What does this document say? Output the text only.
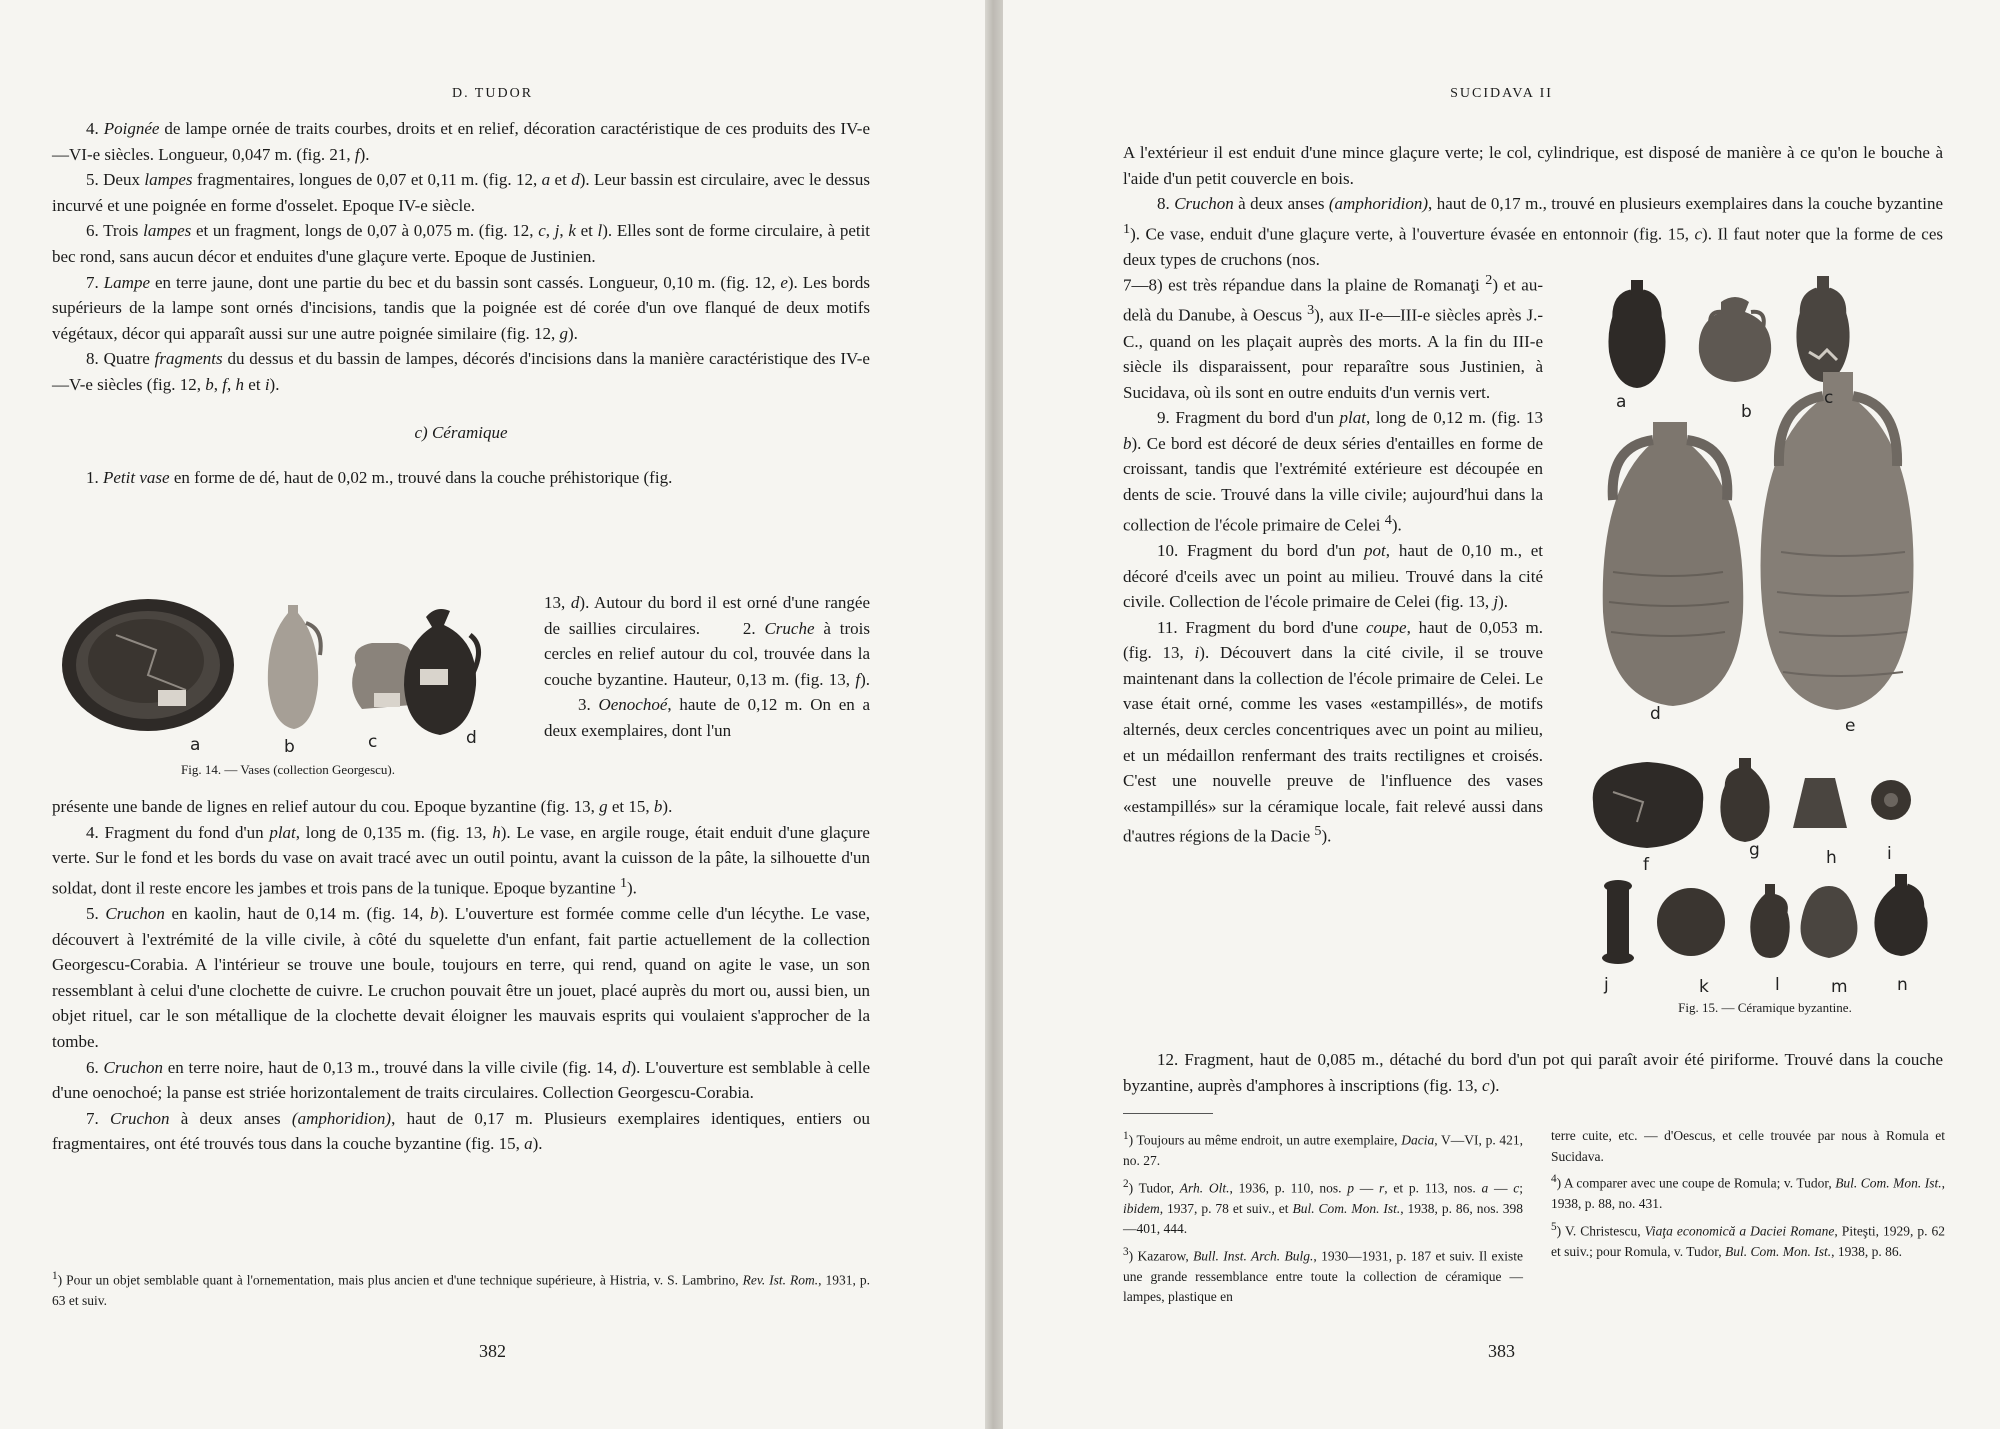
D. TUDOR

4. Poignée de lampe ornée de traits courbes, droits et en relief, décoration caractéristique de ces produits des IV-e—VI-e siècles. Longueur, 0,047 m. (fig. 21, f).

5. Deux lampes fragmentaires, longues de 0,07 et 0,11 m. (fig. 12, a et d). Leur bassin est circulaire, avec le dessus incurvé et une poignée en forme d'osselet. Epoque IV-e siècle.

6. Trois lampes et un fragment, longs de 0,07 à 0,075 m. (fig. 12, c, j, k et l). Elles sont de forme circulaire, à petit bec rond, sans aucun décor et enduites d'une glaçure verte. Epoque de Justinien.

7. Lampe en terre jaune, dont une partie du bec et du bassin sont cassés. Longueur, 0,10 m. (fig. 12, e). Les bords supérieurs de la lampe sont ornés d'incisions, tandis que la poignée est dé corée d'un ove flanqué de deux motifs végétaux, décor qui apparaît aussi sur une autre poignée similaire (fig. 12, g).

8. Quatre fragments du dessus et du bassin de lampes, décorés d'incisions dans la manière caractéristique des IV-e—V-e siècles (fig. 12, b, f, h et i).

c) Céramique

1. Petit vase en forme de dé, haut de 0,02 m., trouvé dans la couche préhistorique (fig.

a	b	c	d
Fig. 14. — Vases (collection Georgescu).

13, d). Autour du bord il est orné d'une rangée de saillies circulaires. 2. Cruche à trois cercles en relief autour du col, trouvée dans la couche byzantine. Hauteur, 0,13 m. (fig. 13, f). 3. Oenochoé, haute de 0,12 m. On en a deux exemplaires, dont l'un

présente une bande de lignes en relief autour du cou. Epoque byzantine (fig. 13, g et 15, b).

4. Fragment du fond d'un plat, long de 0,135 m. (fig. 13, h). Le vase, en argile rouge, était enduit d'une glaçure verte. Sur le fond et les bords du vase on avait tracé avec un outil pointu, avant la cuisson de la pâte, la silhouette d'un soldat, dont il reste encore les jambes et trois pans de la tunique. Epoque byzantine $^1$).

5. Cruchon en kaolin, haut de 0,14 m. (fig. 14, b). L'ouverture est formée comme celle d'un lécythe. Le vase, découvert à l'extrémité de la ville civile, à côté du squelette d'un enfant, fait partie actuellement de la collection Georgescu-Corabia. A l'intérieur se trouve une boule, toujours en terre, qui rend, quand on agite le vase, un son ressemblant à celui d'une clochette de cuivre. Le cruchon pouvait être un jouet, placé auprès du mort ou, aussi bien, un objet rituel, car le son métallique de la clochette devait éloigner les mauvais esprits qui voulaient s'approcher de la tombe.

6. Cruchon en terre noire, haut de 0,13 m., trouvé dans la ville civile (fig. 14, d). L'ouverture est semblable à celle d'une oenochoé; la panse est striée horizontalement de traits circulaires. Collection Georgescu-Corabia.

7. Cruchon à deux anses (amphoridion), haut de 0,17 m. Plusieurs exemplaires identiques, entiers ou fragmentaires, ont été trouvés tous dans la couche byzantine (fig. 15, a).

$^1$) Pour un objet semblable quant à l'ornementation, mais plus ancien et d'une technique supérieure, à Histria, v. S. Lambrino, Rev. Ist. Rom., 1931, p. 63 et suiv.

382
SUCIDAVA II

A l'extérieur il est enduit d'une mince glaçure verte; le col, cylindrique, est disposé de manière à ce qu'on le bouche à l'aide d'un petit couvercle en bois.

8. Cruchon à deux anses (amphoridion), haut de 0,17 m., trouvé en plusieurs exemplaires dans la couche byzantine $^1$). Ce vase, enduit d'une glaçure verte, à l'ouverture évasée en entonnoir (fig. 15, c). Il faut noter que la forme de ces deux types de cruchons (nos.

7—8) est très répandue dans la plaine de Romanaţi $^2$) et au-delà du Danube, à Oescus $^3$), aux II-e—III-e siècles après J.-C., quand on les plaçait auprès des morts. A la fin du III-e siècle ils disparaissent, pour reparaître sous Justinien, à Sucidava, où ils sont en outre enduits d'un vernis vert.

9. Fragment du bord d'un plat, long de 0,12 m. (fig. 13 b). Ce bord est décoré de deux séries d'entailles en forme de croissant, tandis que l'extrémité extérieure est découpée en dents de scie. Trouvé dans la ville civile; aujourd'hui dans la collection de l'école primaire de Celei $^4$).

10. Fragment du bord d'un pot, haut de 0,10 m., et décoré d'ceils avec un point au milieu. Trouvé dans la cité civile. Collection de l'école primaire de Celei (fig. 13, j).

11. Fragment du bord d'une coupe, haut de 0,053 m. (fig. 13, i). Découvert dans la cité civile, il se trouve maintenant dans la collection de l'école primaire de Celei. Le vase était orné, comme les vases «estampillés», de motifs alternés, deux cercles concentriques avec un point au milieu, et un médaillon renfermant des traits rectilignes et croisés. C'est une nouvelle preuve de l'influence des vases «estampillés» sur la céramique locale, fait relevé aussi dans d'autres régions de la Dacie $^5$).

a	b
c
d
e
f
g	h	i
j	k	l	m	n
Fig. 15. — Céramique byzantine.

12. Fragment, haut de 0,085 m., détaché du bord d'un pot qui paraît avoir été piriforme. Trouvé dans la couche byzantine, auprès d'amphores à inscriptions (fig. 13, c).

$^1$) Toujours au même endroit, un autre exemplaire, Dacia, V—VI, p. 421, no. 27.

$^2$) Tudor, Arh. Olt., 1936, p. 110, nos. p — r, et p. 113, nos. a — c; ibidem, 1937, p. 78 et suiv., et Bul. Com. Mon. Ist., 1938, p. 86, nos. 398—401, 444.

$^3$) Kazarow, Bull. Inst. Arch. Bulg., 1930—1931, p. 187 et suiv. Il existe une grande ressemblance entre toute la collection de céramique — lampes, plastique en

terre cuite, etc. — d'Oescus, et celle trouvée par nous à Romula et Sucidava.

$^4$) A comparer avec une coupe de Romula; v. Tudor, Bul. Com. Mon. Ist., 1938, p. 88, no. 431.

$^5$) V. Christescu, Viaţa economică a Daciei Romane, Piteşti, 1929, p. 62 et suiv.; pour Romula, v. Tudor, Bul. Com. Mon. Ist., 1938, p. 86.

383
